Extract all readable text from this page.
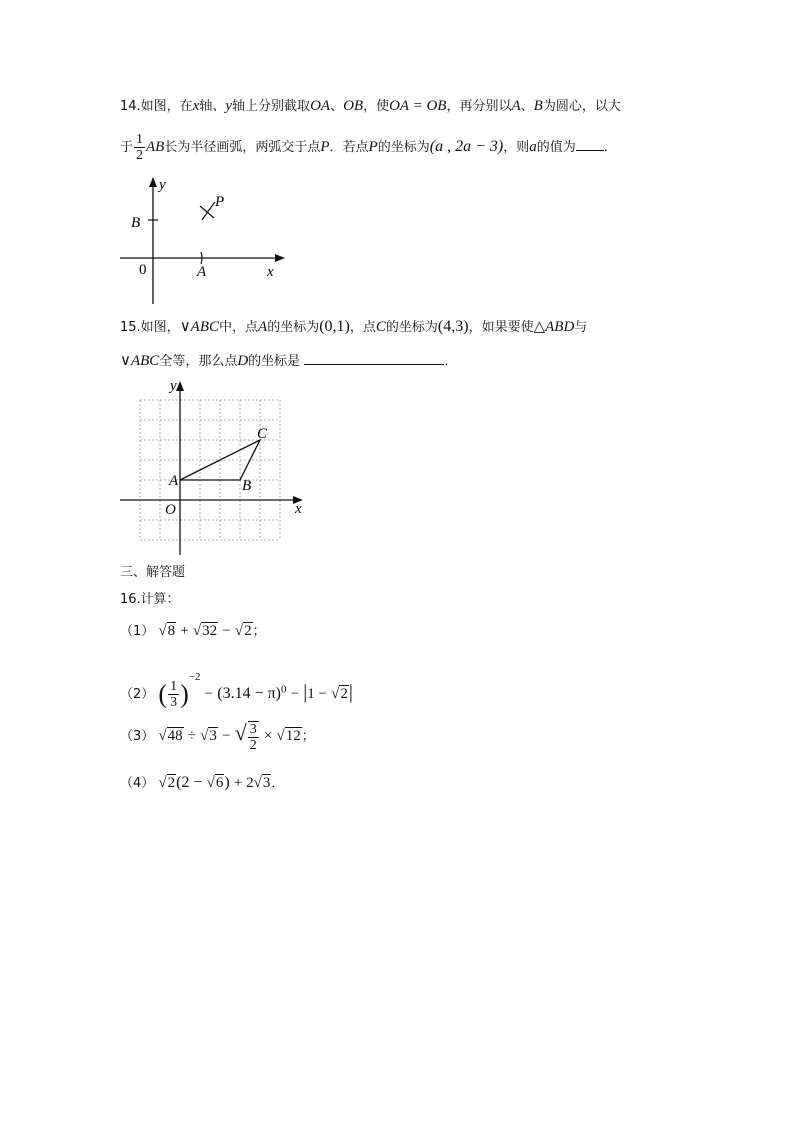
14.如图，在x轴、y轴上分别截取OA、OB，使OA = OB，再分别以A、B为圆心，以大
于 $\frac{1}{2}$ AB长为半径画弧，两弧交于点P．若点P的坐标为(a , 2a − 3)，则a的值为 ．
y
x
B
A
0
P
15.如图，∨ABC中，点A的坐标为(0,1)，点C的坐标为(4,3)，如果要使△ABD与
∨ABC全等，那么点D的坐标是	．
y
x
O
A	B
C
三、解答题
16.计算：
（1） √8 + √32 − √2；
（2） ( $\frac{1}{3} )^{-2} - (3.14 - \pi)^0 - |1 - √2|$
（3） √48 ÷ √3 − √ $\frac{3}{2} \times √12$；
（4） √2(2 − √6) + 2√3．
